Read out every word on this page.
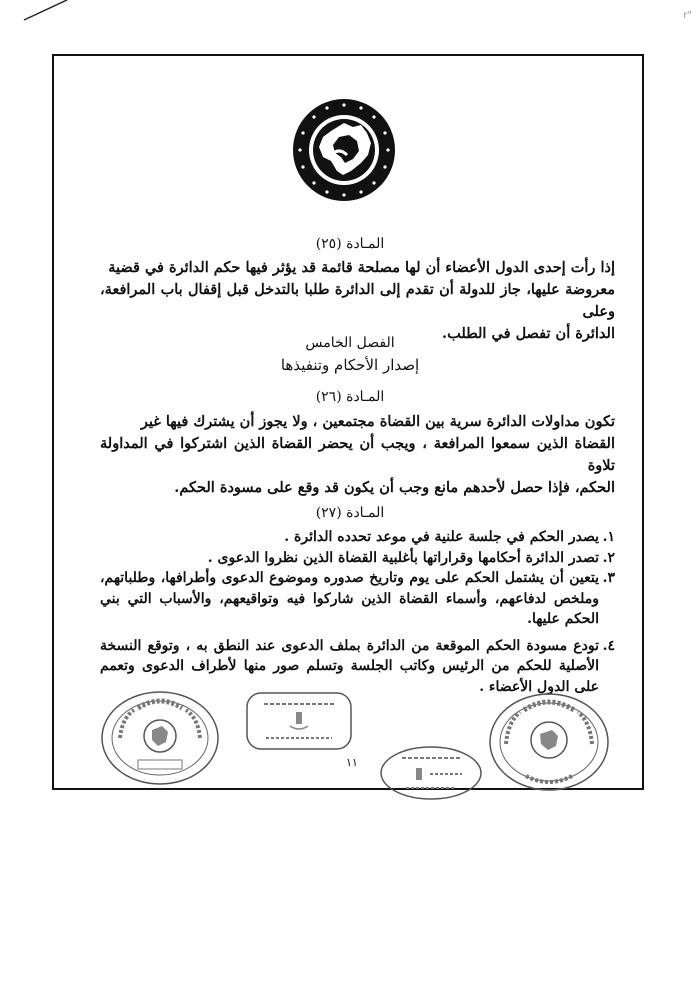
r"
المـادة (٢٥)
إذا رأت إحدى الدول الأعضاء أن لها مصلحة قائمة قد يؤثر فيها حكم الدائرة في قضية
معروضة عليها، جاز للدولة أن تقدم إلى الدائرة طلبا بالتدخل قبل إقفال باب المرافعة، وعلى
الدائرة أن تفصل في الطلب.
الفصل الخامس
إصدار الأحكام وتنفيذها
المـادة (٢٦)
تكون مداولات الدائرة سرية بين القضاة مجتمعين ، ولا يجوز أن يشترك فيها غير
القضاة الذين سمعوا المرافعة ، ويجب أن يحضر القضاة الذين اشتركوا في المداولة تلاوة
الحكم، فإذا حصل لأحدهم مانع وجب أن يكون قد وقع على مسودة الحكم.
المـادة (٢٧)
١.
يصدر الحكم في جلسة علنية في موعد تحدده الدائرة .
٢.
تصدر الدائرة أحكامها وقراراتها بأغلبية القضاة الذين نظروا الدعوى .
٣.
يتعين أن يشتمل الحكم على يوم وتاريخ صدوره وموضوع الدعوى وأطرافها، وطلباتهم، وملخص لدفاعهم، وأسماء القضاة الذين شاركوا فيه وتواقيعهم، والأسباب التي بني الحكم عليها.
٤.
تودع مسودة الحكم الموقعة من الدائرة بملف الدعوى عند النطق به ، وتوقع النسخة الأصلية للحكم من الرئيس وكاتب الجلسة وتسلم صور منها لأطراف الدعوى وتعمم على الدول الأعضاء .
١١
